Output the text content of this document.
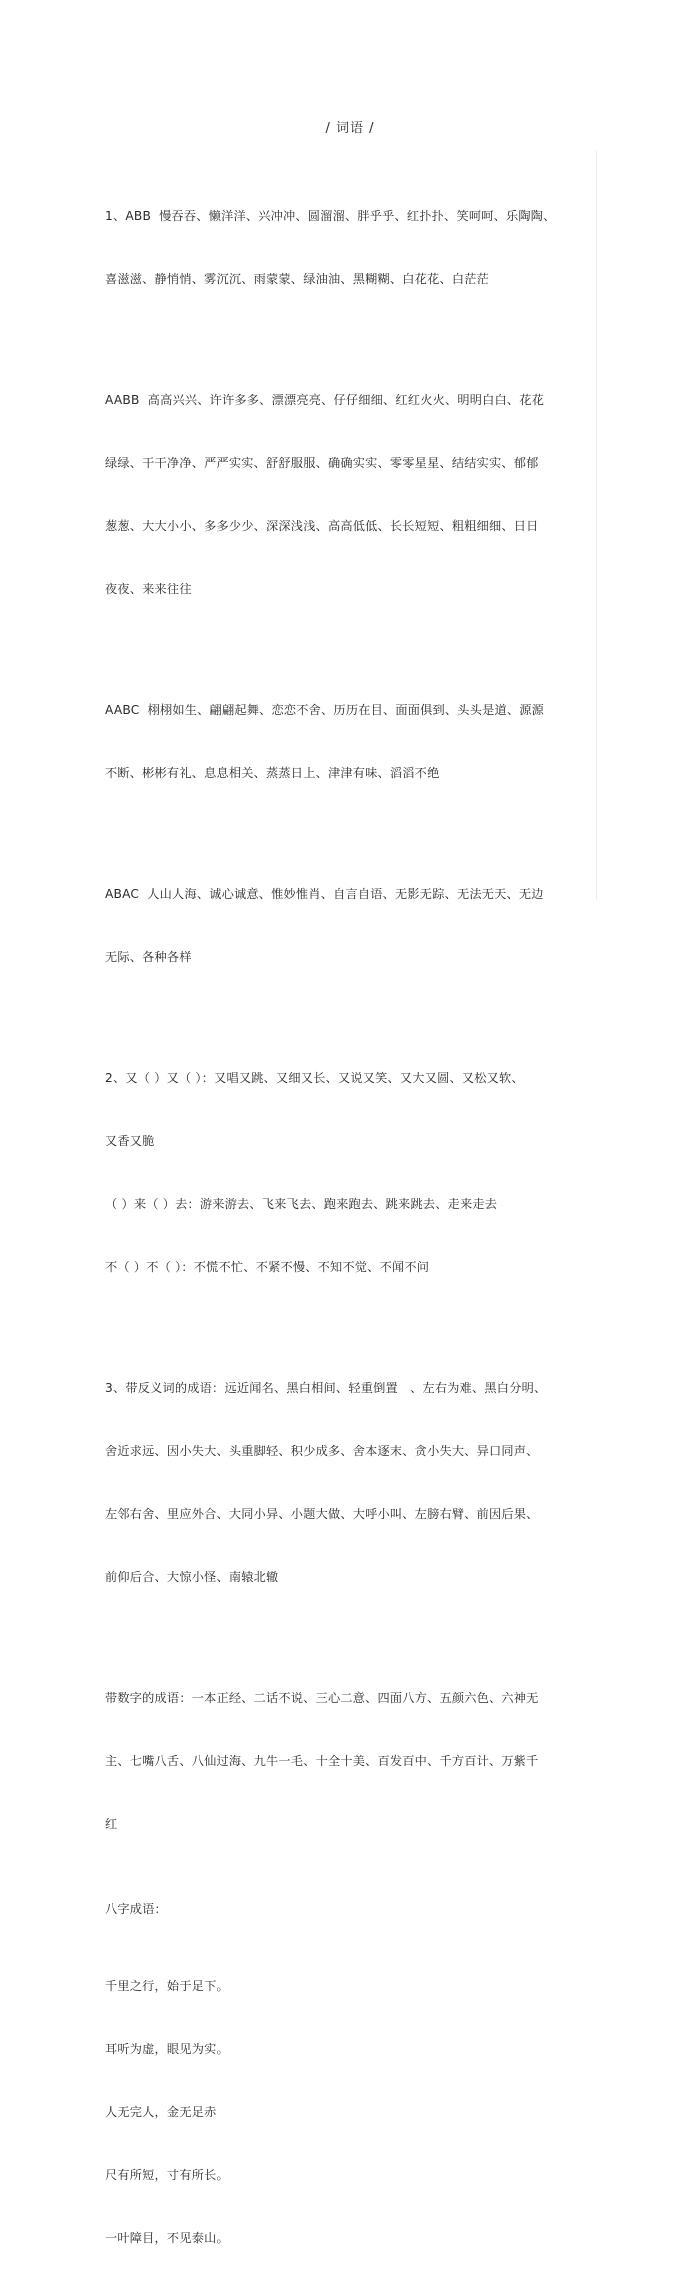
/ 词语 /

1、ABB  慢吞吞、懒洋洋、兴冲冲、圆溜溜、胖乎乎、红扑扑、笑呵呵、乐陶陶、

喜滋滋、静悄悄、雾沉沉、雨蒙蒙、绿油油、黑糊糊、白花花、白茫茫

AABB  高高兴兴、许许多多、漂漂亮亮、仔仔细细、红红火火、明明白白、花花

绿绿、干干净净、严严实实、舒舒服服、确确实实、零零星星、结结实实、郁郁

葱葱、大大小小、多多少少、深深浅浅、高高低低、长长短短、粗粗细细、日日

夜夜、来来往往

AABC  栩栩如生、翩翩起舞、恋恋不舍、历历在目、面面俱到、头头是道、源源

不断、彬彬有礼、息息相关、蒸蒸日上、津津有味、滔滔不绝

ABAC  人山人海、诚心诚意、惟妙惟肖、自言自语、无影无踪、无法无天、无边

无际、各种各样

2、又（ ）又（ ）：又唱又跳、又细又长、又说又笑、又大又圆、又松又软、

又香又脆

（ ）来（ ）去：游来游去、飞来飞去、跑来跑去、跳来跳去、走来走去

不（ ）不（ ）：不慌不忙、不紧不慢、不知不觉、不闻不问

3、带反义词的成语：远近闻名、黑白相间、轻重倒置   、左右为难、黑白分明、

舍近求远、因小失大、头重脚轻、积少成多、舍本逐末、贪小失大、异口同声、

左邻右舍、里应外合、大同小异、小题大做、大呼小叫、左膀右臂、前因后果、

前仰后合、大惊小怪、南辕北辙

带数字的成语：一本正经、二话不说、三心二意、四面八方、五颜六色、六神无

主、七嘴八舌、八仙过海、九牛一毛、十全十美、百发百中、千方百计、万紫千

红

八字成语：

千里之行，始于足下。

耳听为虚，眼见为实。

人无完人，金无足赤

尺有所短，寸有所长。

一叶障目，不见泰山。
